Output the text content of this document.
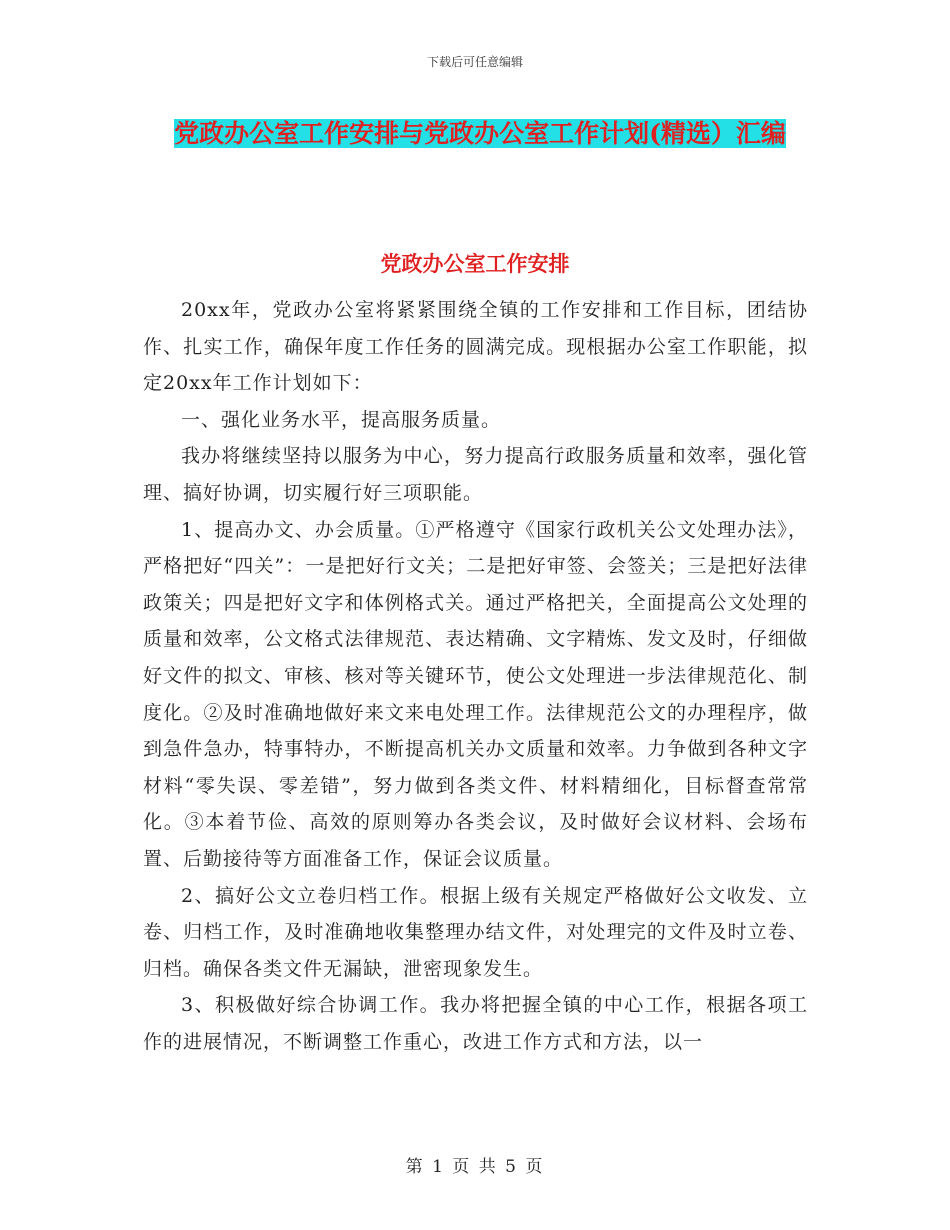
下载后可任意编辑
党政办公室工作安排与党政办公室工作计划(精选）汇编
党政办公室工作安排

20xx年，党政办公室将紧紧围绕全镇的工作安排和工作目标，团结协作、扎实工作，确保年度工作任务的圆满完成。现根据办公室工作职能，拟定20xx年工作计划如下：

一、强化业务水平，提高服务质量。

我办将继续坚持以服务为中心，努力提高行政服务质量和效率，强化管理、搞好协调，切实履行好三项职能。

1、提高办文、办会质量。①严格遵守《国家行政机关公文处理办法》，严格把好“四关”：一是把好行文关；二是把好审签、会签关；三是把好法律政策关；四是把好文字和体例格式关。通过严格把关，全面提高公文处理的质量和效率，公文格式法律规范、表达精确、文字精炼、发文及时，仔细做好文件的拟文、审核、核对等关键环节，使公文处理进一步法律规范化、制度化。②及时准确地做好来文来电处理工作。法律规范公文的办理程序，做到急件急办，特事特办，不断提高机关办文质量和效率。力争做到各种文字材料“零失误、零差错”，努力做到各类文件、材料精细化，目标督查常常化。③本着节俭、高效的原则筹办各类会议，及时做好会议材料、会场布置、后勤接待等方面准备工作，保证会议质量。

2、搞好公文立卷归档工作。根据上级有关规定严格做好公文收发、立卷、归档工作，及时准确地收集整理办结文件，对处理完的文件及时立卷、归档。确保各类文件无漏缺，泄密现象发生。

3、积极做好综合协调工作。我办将把握全镇的中心工作，根据各项工作的进展情况，不断调整工作重心，改进工作方式和方法，以一

第 1 页 共 5 页
